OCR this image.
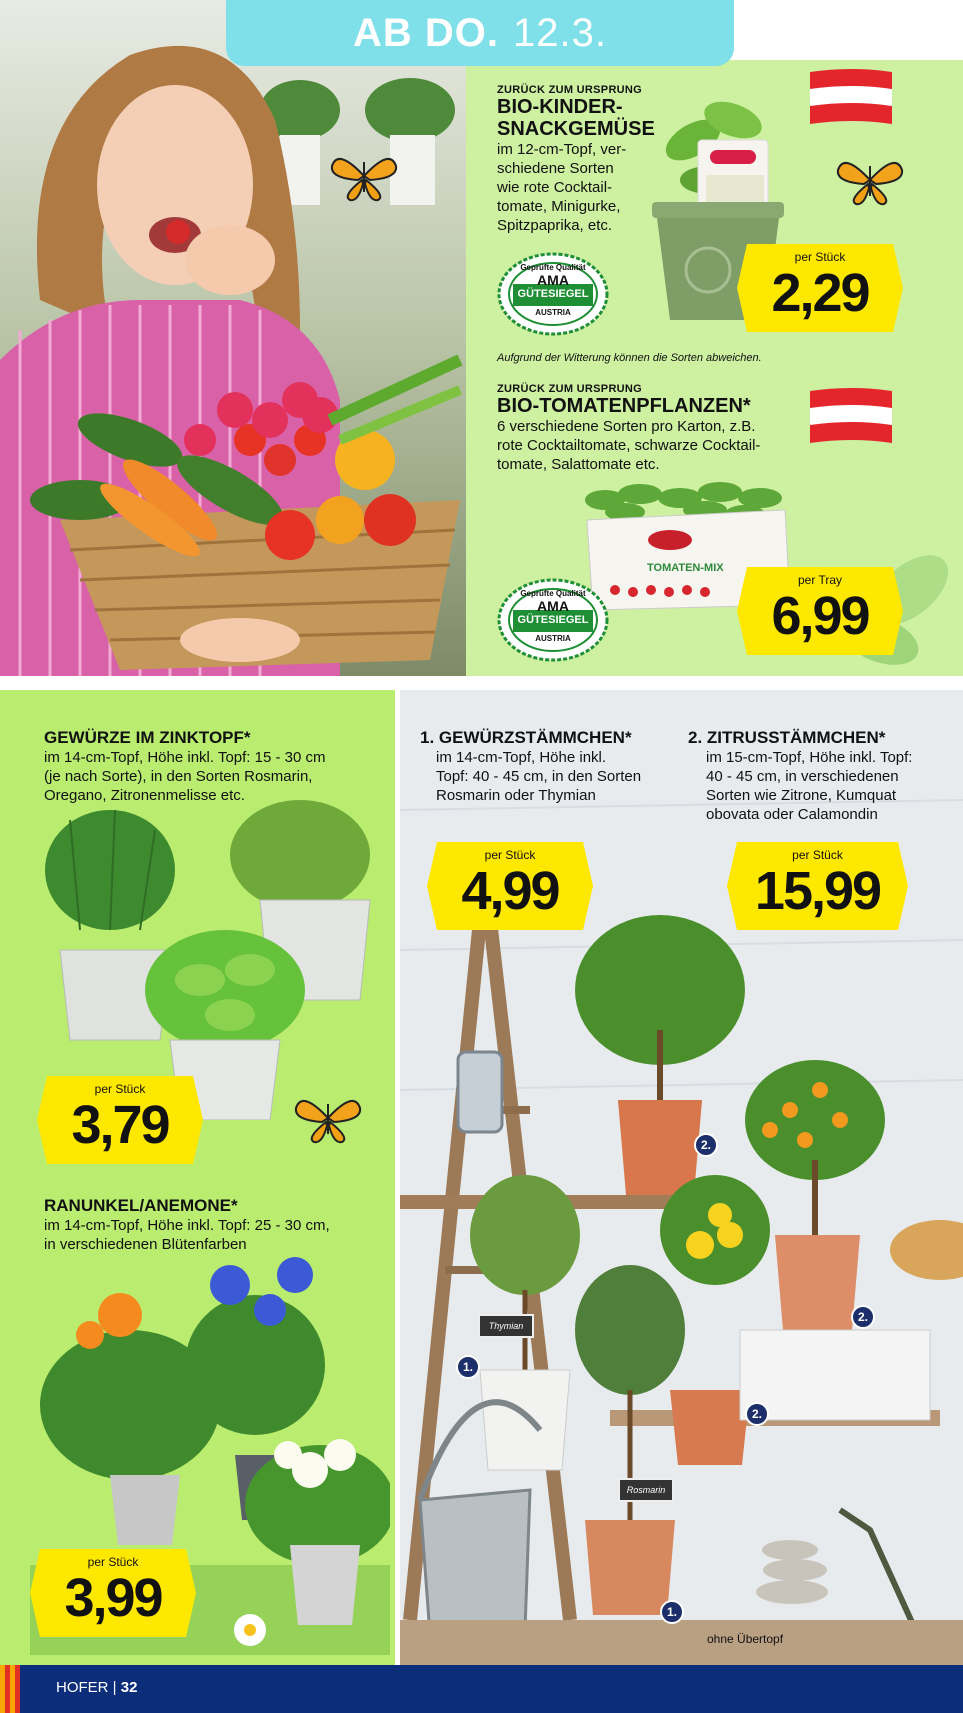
AB DO. 12.3.
ZURÜCK ZUM URSPRUNG
BIO-KINDER-
SNACKGEMÜSE
im 12-cm-Topf, ver-
schiedene Sorten
wie rote Cocktail-
tomate, Minigurke,
Spitzpaprika, etc.
Geprüfte Qualität
AMA
GÜTESIEGEL
AUSTRIA
per Stück
2,29
Aufgrund der Witterung können die Sorten abweichen.
ZURÜCK ZUM URSPRUNG
BIO-TOMATENPFLANZEN*
6 verschiedene Sorten pro Karton, z.B.
rote Cocktailtomate, schwarze Cocktail-
tomate, Salattomate etc.
TOMATEN-MIX
Geprüfte Qualität
AMA
GÜTESIEGEL
AUSTRIA
per Tray
6,99
GEWÜRZE IM ZINKTOPF*
im 14-cm-Topf, Höhe inkl. Topf: 15 - 30 cm
(je nach Sorte), in den Sorten Rosmarin,
Oregano, Zitronenmelisse etc.
per Stück
3,79
RANUNKEL/ANEMONE*
im 14-cm-Topf, Höhe inkl. Topf: 25 - 30 cm,
in verschiedenen Blütenfarben
per Stück
3,99
Thymian
Rosmarin
ohne Übertopf
2.
2.
2.
1.
1.
1. GEWÜRZSTÄMMCHEN*
im 14-cm-Topf, Höhe inkl.
Topf: 40 - 45 cm, in den Sorten
Rosmarin oder Thymian
2. ZITRUSSTÄMMCHEN*
im 15-cm-Topf, Höhe inkl. Topf:
40 - 45 cm, in verschiedenen
Sorten wie Zitrone, Kumquat
obovata oder Calamondin
per Stück
4,99
per Stück
15,99
HOFER | 32
